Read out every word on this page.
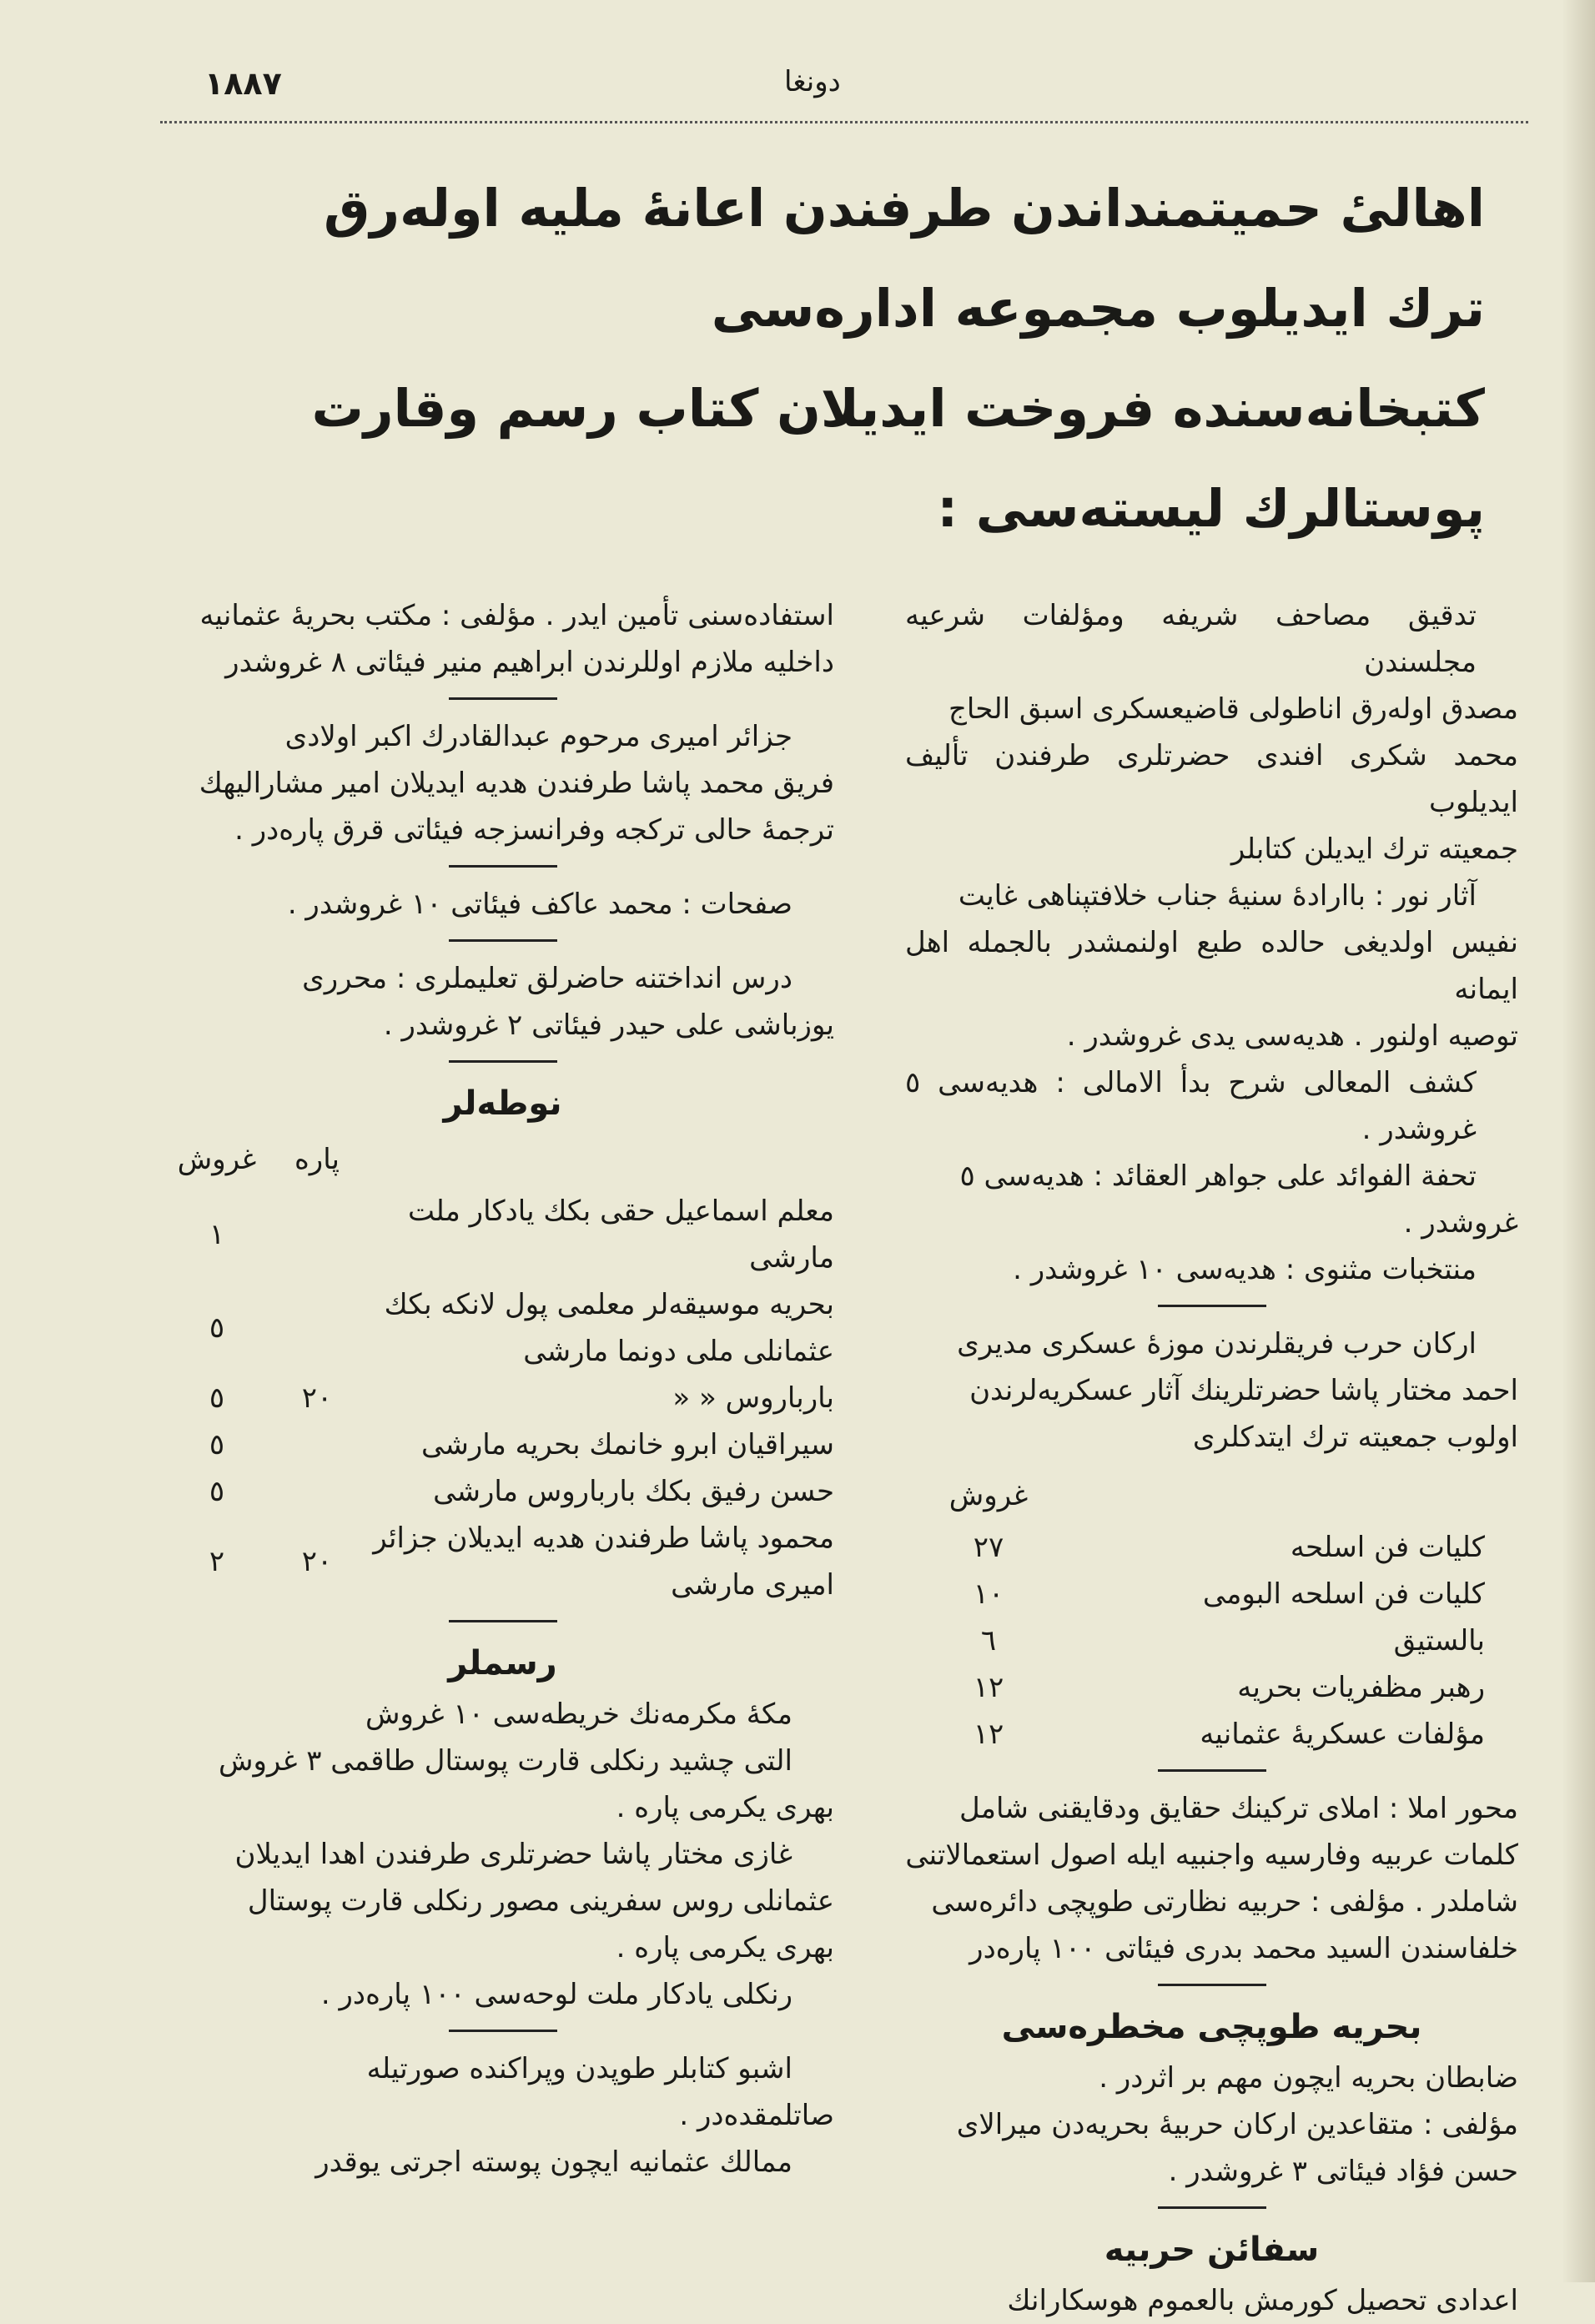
١٨٨٧	دونغا
اهالیٔ حمیتمنداندن طرفندن اعانۀ ملیه اوله‌رق ترك ایدیلوب مجموعه اداره‌سی
کتبخانه‌سنده فروخت ایدیلان کتاب رسم وقارت پوستالرك لیسته‌سی :
تدقیق مصاحف شریفه ومؤلفات شرعیه مجلسندن
مصدق اوله‌رق اناطولی قاضیعسکری اسبق الحاج
محمد شکری افندی حضرتلری طرفندن تألیف ایدیلوب
جمعیته ترك ایدیلن کتابلر
آثار نور : باارادۀ سنیۀ جناب خلافتپناهی غایت
نفیس اولدیغی حالده طبع اولنمشدر بالجمله اهل ایمانه
توصیه اولنور . هدیه‌سی یدی غروشدر .
کشف المعالی شرح بدأ الامالی : هدیه‌سی ٥ غروشدر .
تحفة الفوائد علی جواهر العقائد : هدیه‌سی ٥
غروشدر .
منتخبات مثنوی : هدیه‌سی ١٠ غروشدر .
ارکان حرب فریقلرندن موزۀ عسکری مدیری
احمد مختار پاشا حضرتلرینك آثار عسکریه‌لرندن
اولوب جمعیته ترك ایتدکلری
غروش
کلیات فن اسلحه
٢٧
کلیات فن اسلحه البومی
١٠
بالستیق
٦
رهبر مظفریات بحریه
١٢
مؤلفات عسکریۀ عثمانیه
١٢
محور املا : املای ترکینك حقایق ودقایقنی شامل
کلمات عربیه وفارسیه واجنبیه ایله اصول استعمالاتنی
شاملدر . مؤلفی : حربیه نظارتی طوپچی دائره‌سی
خلفاسندن السید محمد بدری فیئاتی ١٠٠ پاره‌در
بحریه طوپچی مخطره‌سی
ضابطان بحریه ایچون مهم بر اثردر .
مؤلفی : متقاعدین ارکان حربیۀ بحریه‌دن میرالای
حسن فؤاد فیئاتی ٣ غروشدر .
سفائن حربیه
اعدادی تحصیل کورمش بالعموم هوسکارانك
استفاده‌سنی تأمین ایدر . مؤلفی : مکتب بحریۀ عثمانیه
داخلیه ملازم اوللرندن ابراهیم منیر فیئاتی ٨ غروشدر
جزائر امیری مرحوم عبدالقادرك اکبر اولادی
فریق محمد پاشا طرفندن هدیه ایدیلان امیر مشارالیهك
ترجمۀ حالی ترکجه وفرانسزجه فیئاتی قرق پاره‌در .
صفحات : محمد عاکف فیئاتی ١٠ غروشدر .
درس انداختنه حاضرلق تعلیملری : محرری
یوزباشی علی حیدر فیئاتی ٢ غروشدر .
نوطه‌لر
پاره
غروش
معلم اسماعیل حقی بکك یادکار ملت مارشی
١
بحریه موسیقه‌لر معلمی پول لانکه بکك
عثمانلی ملی دونما مارشی
٥
بارباروس « «
٢٠
٥
سیراقیان ابرو خانمك بحریه مارشی
٥
حسن رفیق بکك بارباروس مارشی
٥
محمود پاشا طرفندن هدیه ایدیلان جزائر
امیری مارشی
٢٠
٢
رسملر
مکۀ مکرمه‌نك خریطه‌سی ١٠ غروش
التی چشید رنکلی قارت پوستال طاقمی ٣ غروش
بهری یکرمی پاره .
غازی مختار پاشا حضرتلری طرفندن اهدا ایدیلان
عثمانلی روس سفرینی مصور رنکلی قارت پوستال
بهری یکرمی پاره .
رنکلی یادکار ملت لوحه‌سی ١٠٠ پاره‌در .
اشبو کتابلر طوپدن وپراکنده صورتیله
صاتلمقده‌در .
ممالك عثمانیه ایچون پوسته اجرتی یوقدر
